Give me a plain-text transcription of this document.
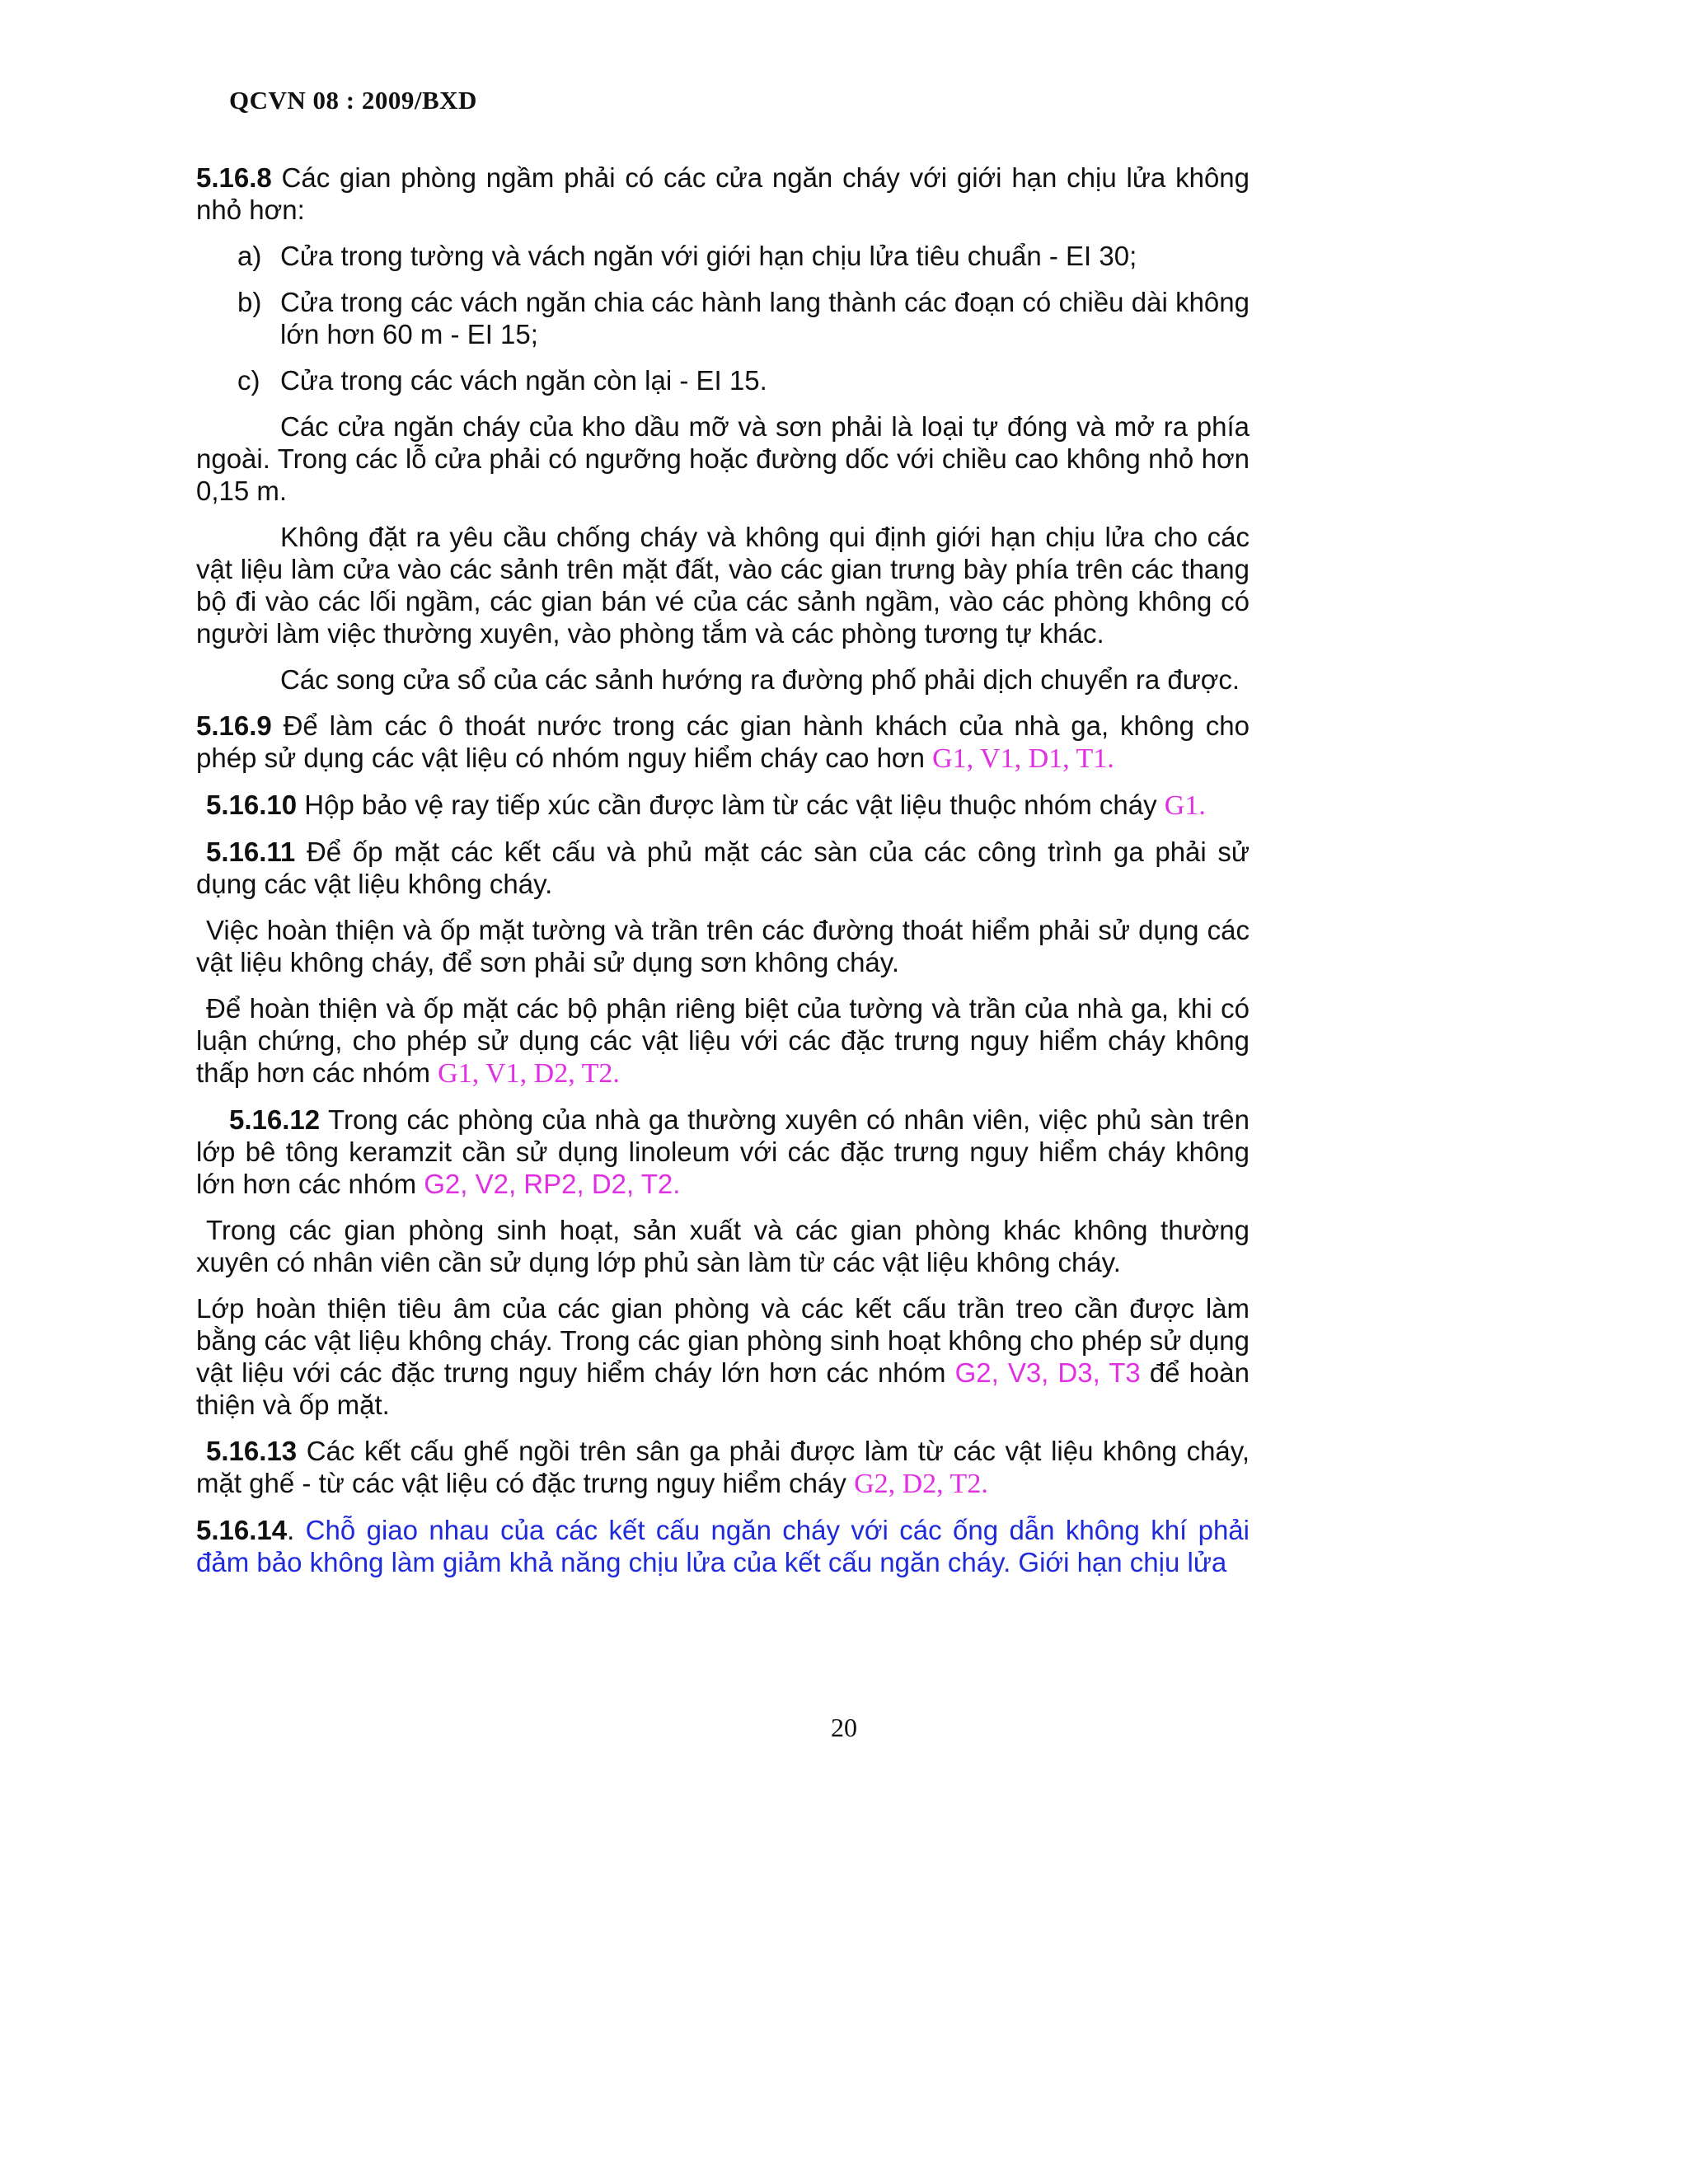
QCVN 08 : 2009/BXD

5.16.8 Các gian phòng ngầm phải có các cửa ngăn cháy với giới hạn chịu lửa không nhỏ hơn:

a) Cửa trong tường và vách ngăn với giới hạn chịu lửa tiêu chuẩn - EI 30;
b) Cửa trong các vách ngăn chia các hành lang thành các đoạn có chiều dài không lớn hơn 60 m - EI 15;
c) Cửa trong các vách ngăn còn lại - EI 15.

Các cửa ngăn cháy của kho dầu mỡ và sơn phải là loại tự đóng và mở ra phía ngoài. Trong các lỗ cửa phải có ngưỡng hoặc đường dốc với chiều cao không nhỏ hơn 0,15 m.

Không đặt ra yêu cầu chống cháy và không qui định giới hạn chịu lửa cho các vật liệu làm cửa vào các sảnh trên mặt đất, vào các gian trưng bày phía trên các thang bộ đi vào các lối ngầm, các gian bán vé của các sảnh ngầm, vào các phòng không có người làm việc thường xuyên, vào phòng tắm và các phòng tương tự khác.

Các song cửa sổ của các sảnh hướng ra đường phố phải dịch chuyển ra được.

5.16.9 Để làm các ô thoát nước trong các gian hành khách của nhà ga, không cho phép sử dụng các vật liệu có nhóm nguy hiểm cháy cao hơn G1, V1, D1, T1.

5.16.10 Hộp bảo vệ ray tiếp xúc cần được làm từ các vật liệu thuộc nhóm cháy G1.

5.16.11 Để ốp mặt các kết cấu và phủ mặt các sàn của các công trình ga phải sử dụng các vật liệu không cháy.

Việc hoàn thiện và ốp mặt tường và trần trên các đường thoát hiểm phải sử dụng các vật liệu không cháy, để sơn phải sử dụng sơn không cháy.

Để hoàn thiện và ốp mặt các bộ phận riêng biệt của tường và trần của nhà ga, khi có luận chứng, cho phép sử dụng các vật liệu với các đặc trưng nguy hiểm cháy không thấp hơn các nhóm G1, V1, D2, T2.

5.16.12 Trong các phòng của nhà ga thường xuyên có nhân viên, việc phủ sàn trên lớp bê tông keramzit cần sử dụng linoleum với các đặc trưng nguy hiểm cháy không lớn hơn các nhóm G2, V2, RP2, D2, T2.

Trong các gian phòng sinh hoạt, sản xuất và các gian phòng khác không thường xuyên có nhân viên cần sử dụng lớp phủ sàn làm từ các vật liệu không cháy.

Lớp hoàn thiện tiêu âm của các gian phòng và các kết cấu trần treo cần được làm bằng các vật liệu không cháy. Trong các gian phòng sinh hoạt không cho phép sử dụng vật liệu với các đặc trưng nguy hiểm cháy lớn hơn các nhóm G2, V3, D3, T3 để hoàn thiện và ốp mặt.

5.16.13 Các kết cấu ghế ngồi trên sân ga phải được làm từ các vật liệu không cháy, mặt ghế - từ các vật liệu có đặc trưng nguy hiểm cháy G2, D2, T2.

5.16.14. Chỗ giao nhau của các kết cấu ngăn cháy với các ống dẫn không khí phải đảm bảo không làm giảm khả năng chịu lửa của kết cấu ngăn cháy. Giới hạn chịu lửa

20
